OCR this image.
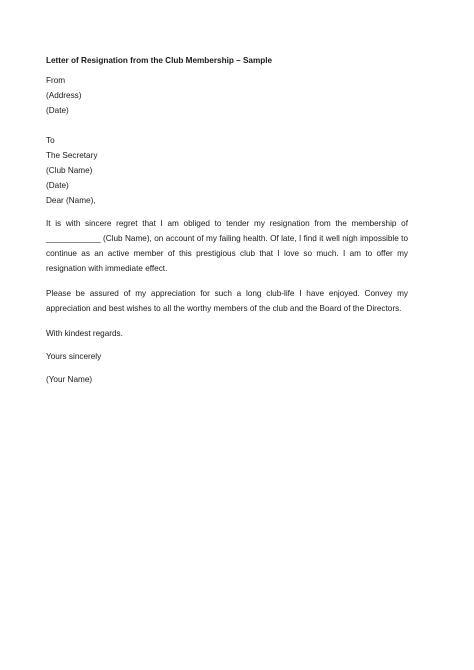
Letter of Resignation from the Club Membership – Sample
From
(Address)
(Date)
To
The Secretary
(Club Name)
(Date)
Dear (Name),

It is with sincere regret that I am obliged to tender my resignation from the membership of ____________ (Club Name), on account of my failing health. Of late, I find it well nigh impossible to continue as an active member of this prestigious club that I love so much. I am to offer my resignation with immediate effect.

Please be assured of my appreciation for such a long club-life I have enjoyed. Convey my appreciation and best wishes to all the worthy members of the club and the Board of the Directors.

With kindest regards.
Yours sincerely
(Your Name)
